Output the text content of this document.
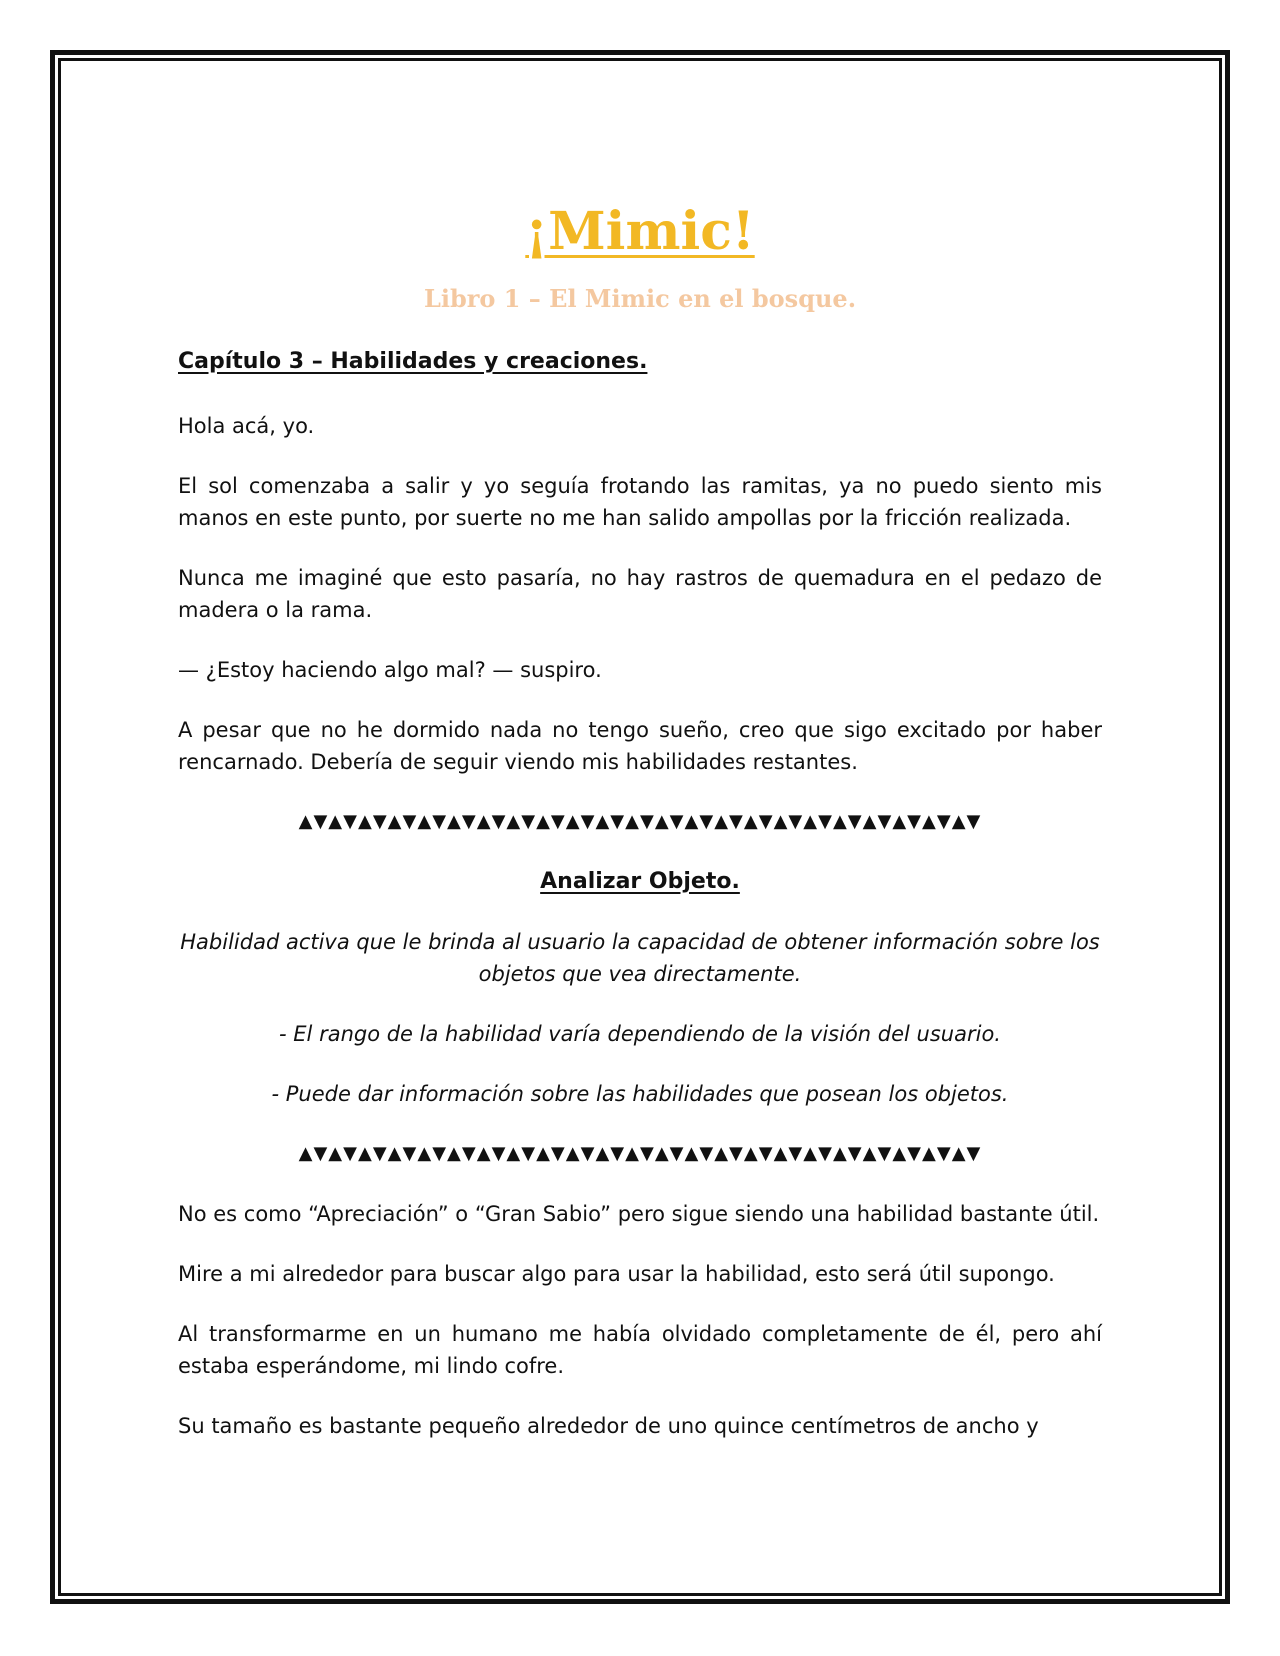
¡Mimic!
Libro 1 – El Mimic en el bosque.
Capítulo 3 – Habilidades y creaciones.

Hola acá, yo.

El sol comenzaba a salir y yo seguía frotando las ramitas, ya no puedo siento mis manos en este punto, por suerte no me han salido ampollas por la fricción realizada.

Nunca me imaginé que esto pasaría, no hay rastros de quemadura en el pedazo de madera o la rama.

— ¿Estoy haciendo algo mal? — suspiro.

A pesar que no he dormido nada no tengo sueño, creo que sigo excitado por haber rencarnado. Debería de seguir viendo mis habilidades restantes.

▲▼▲▼▲▼▲▼▲▼▲▼▲▼▲▼▲▼▲▼▲▼▲▼▲▼▲▼▲▼▲▼▲▼▲▼▲▼▲▼▲▼▲▼▲▼
Analizar Objeto.

Habilidad activa que le brinda al usuario la capacidad de obtener información sobre los objetos que vea directamente.

- El rango de la habilidad varía dependiendo de la visión del usuario.

- Puede dar información sobre las habilidades que posean los objetos.

▲▼▲▼▲▼▲▼▲▼▲▼▲▼▲▼▲▼▲▼▲▼▲▼▲▼▲▼▲▼▲▼▲▼▲▼▲▼▲▼▲▼▲▼▲▼

No es como “Apreciación” o “Gran Sabio” pero sigue siendo una habilidad bastante útil.

Mire a mi alrededor para buscar algo para usar la habilidad, esto será útil supongo.

Al transformarme en un humano me había olvidado completamente de él, pero ahí estaba esperándome, mi lindo cofre.

Su tamaño es bastante pequeño alrededor de uno quince centímetros de ancho y
